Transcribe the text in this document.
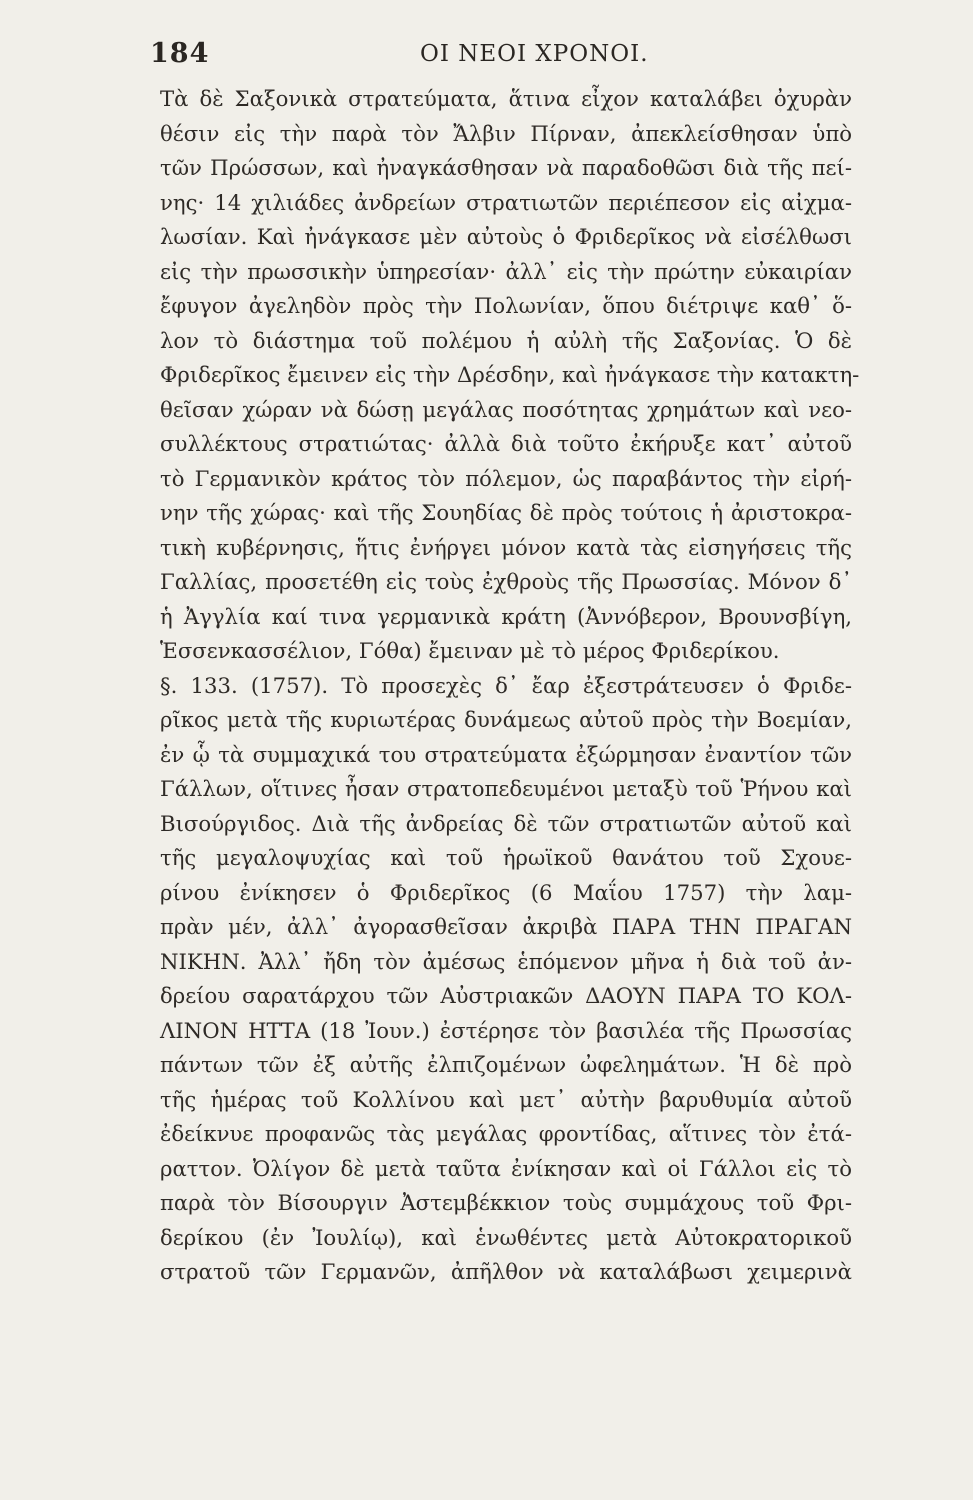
184	ΟΙ ΝΕΟΙ ΧΡΟΝΟΙ.
Τὰ δὲ Σαξονικὰ στρατεύματα, ἅτινα εἶχον καταλάβει ὀχυρὰν
θέσιν εἰς τὴν παρὰ τὸν Ἄλβιν Πίρναν, ἀπεκλείσθησαν ὑπὸ
τῶν Πρώσσων, καὶ ἠναγκάσθησαν νὰ παραδοθῶσι διὰ τῆς πεί-
νης· 14 χιλιάδες ἀνδρείων στρατιωτῶν περιέπεσον εἰς αἰχμα-
λωσίαν. Καὶ ἠνάγκασε μὲν αὐτοὺς ὁ Φριδερῖκος νὰ εἰσέλθωσι
εἰς τὴν πρωσσικὴν ὑπηρεσίαν· ἀλλ᾽ εἰς τὴν πρώτην εὐκαιρίαν
ἔφυγον ἀγεληδὸν πρὸς τὴν Πολωνίαν, ὅπου διέτριψε καθ᾽ ὅ-
λον τὸ διάστημα τοῦ πολέμου ἡ αὐλὴ τῆς Σαξονίας. Ὁ δὲ
Φριδερῖκος ἔμεινεν εἰς τὴν Δρέσδην, καὶ ἠνάγκασε τὴν κατακτη-
θεῖσαν χώραν νὰ δώσῃ μεγάλας ποσότητας χρημάτων καὶ νεο-
συλλέκτους στρατιώτας· ἀλλὰ διὰ τοῦτο ἐκήρυξε κατ᾽ αὐτοῦ
τὸ Γερμανικὸν κράτος τὸν πόλεμον, ὡς παραβάντος τὴν εἰρή-
νην τῆς χώρας· καὶ τῆς Σουηδίας δὲ πρὸς τούτοις ἡ ἀριστοκρα-
τικὴ κυβέρνησις, ἥτις ἐνήργει μόνον κατὰ τὰς εἰσηγήσεις τῆς
Γαλλίας, προσετέθη εἰς τοὺς ἐχθροὺς τῆς Πρωσσίας. Μόνον δ᾽
ἡ Ἀγγλία καί τινα γερμανικὰ κράτη (Ἀννόβερον, Βρουνσβίγη,
Ἑσσενκασσέλιον, Γόθα) ἔμειναν μὲ τὸ μέρος Φριδερίκου.
§. 133. (1757). Τὸ προσεχὲς δ᾽ ἔαρ ἐξεστράτευσεν ὁ Φριδε-
ρῖκος μετὰ τῆς κυριωτέρας δυνάμεως αὐτοῦ πρὸς τὴν Βοεμίαν,
ἐν ᾧ τὰ συμμαχικά του στρατεύματα ἐξώρμησαν ἐναντίον τῶν
Γάλλων, οἵτινες ἦσαν στρατοπεδευμένοι μεταξὺ τοῦ Ῥήνου καὶ
Βισούργιδος. Διὰ τῆς ἀνδρείας δὲ τῶν στρατιωτῶν αὐτοῦ καὶ
τῆς μεγαλοψυχίας καὶ τοῦ ἡρωϊκοῦ θανάτου τοῦ Σχουε-
ρίνου ἐνίκησεν ὁ Φριδερῖκος (6 Μαΐου 1757) τὴν λαμ-
πρὰν μέν, ἀλλ᾽ ἀγορασθεῖσαν ἀκριβὰ ΠΑΡΑ ΤΗΝ ΠΡΑΓΑΝ
ΝΙΚΗΝ. Ἀλλ᾽ ἤδη τὸν ἀμέσως ἑπόμενον μῆνα ἡ διὰ τοῦ ἀν-
δρείου σαρατάρχου τῶν Αὐστριακῶν ΔΑΟΥΝ ΠΑΡΑ ΤΟ ΚΟΛ-
ΛΙΝΟΝ ΗΤΤΑ (18 Ἰουν.) ἐστέρησε τὸν βασιλέα τῆς Πρωσσίας
πάντων τῶν ἐξ αὐτῆς ἐλπιζομένων ὠφελημάτων. Ἡ δὲ πρὸ
τῆς ἡμέρας τοῦ Κολλίνου καὶ μετ᾽ αὐτὴν βαρυθυμία αὐτοῦ
ἐδείκνυε προφανῶς τὰς μεγάλας φροντίδας, αἵτινες τὸν ἐτά-
ραττον. Ὀλίγον δὲ μετὰ ταῦτα ἐνίκησαν καὶ οἱ Γάλλοι εἰς τὸ
παρὰ τὸν Βίσουργιν Ἀστεμβέκκιον τοὺς συμμάχους τοῦ Φρι-
δερίκου (ἐν Ἰουλίῳ), καὶ ἑνωθέντες μετὰ Αὐτοκρατορικοῦ
στρατοῦ τῶν Γερμανῶν, ἀπῆλθον νὰ καταλάβωσι χειμερινὰ
